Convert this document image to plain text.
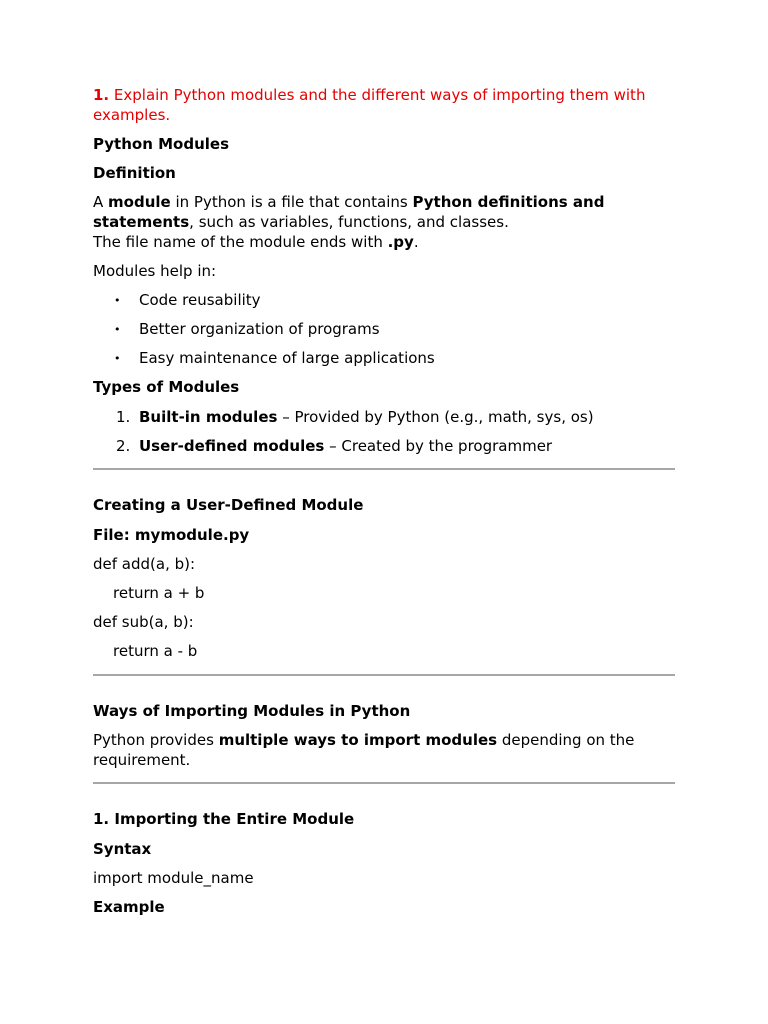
1. Explain Python modules and the different ways of importing them with examples.

Python Modules
Definition

A module in Python is a file that contains Python definitions and statements, such as variables, functions, and classes.
The file name of the module ends with .py.

Modules help in:

• Code reusability
• Better organization of programs
• Easy maintenance of large applications
Types of Modules
1. Built-in modules – Provided by Python (e.g., math, sys, os)
2. User-defined modules – Created by the programmer
Creating a User-Defined Module
File: mymodule.py

def add(a, b):

return a + b

def sub(a, b):

return a - b

Ways of Importing Modules in Python

Python provides multiple ways to import modules depending on the requirement.

1. Importing the Entire Module
Syntax

import module_name

Example
